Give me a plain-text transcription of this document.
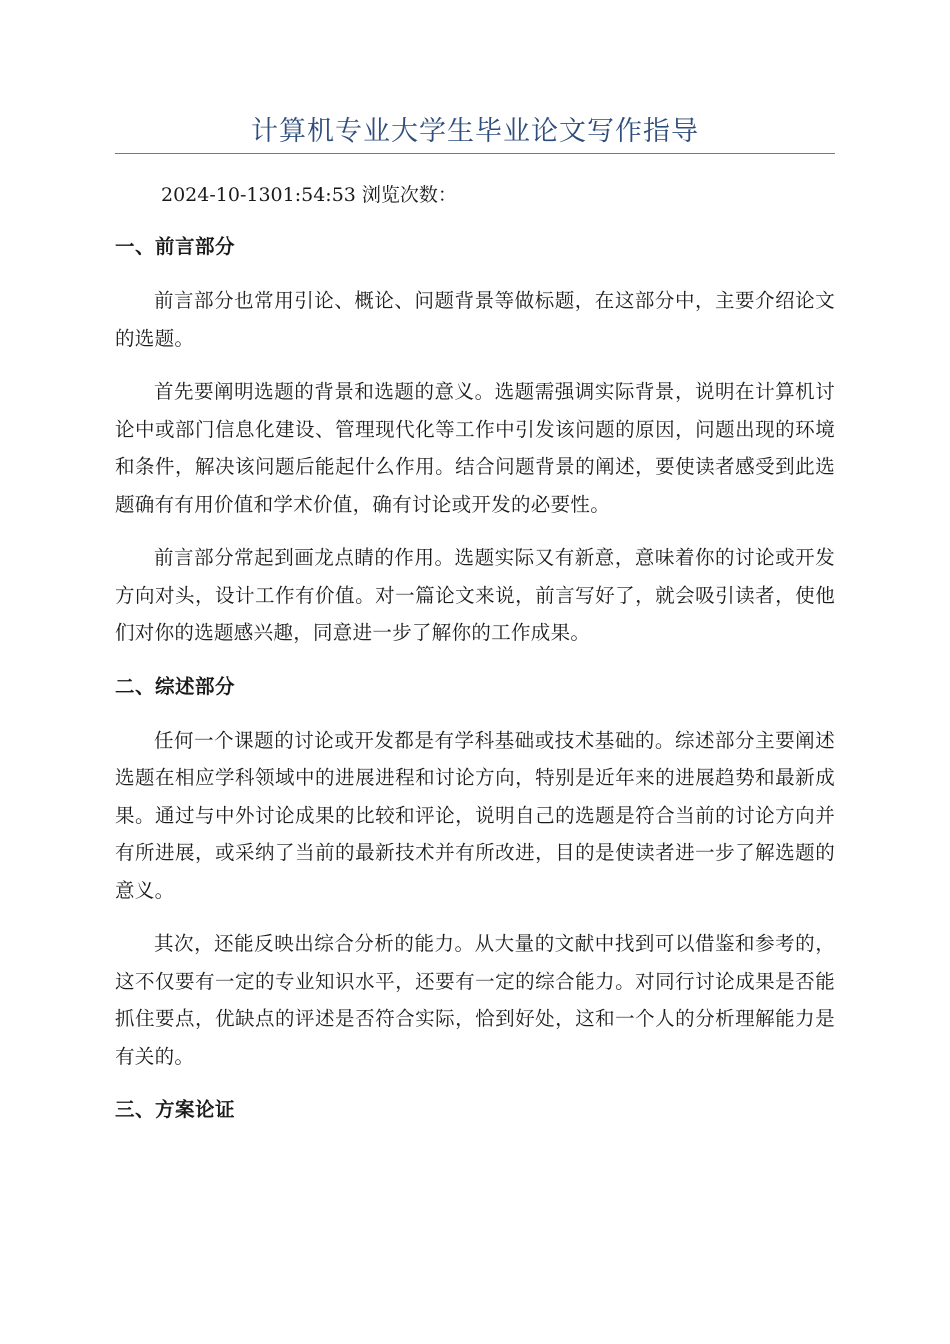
计算机专业大学生毕业论文写作指导
2024-10-1301:54:53 浏览次数：
一、前言部分

前言部分也常用引论、概论、问题背景等做标题，在这部分中，主要介绍论文的选题。

首先要阐明选题的背景和选题的意义。选题需强调实际背景，说明在计算机讨论中或部门信息化建设、管理现代化等工作中引发该问题的原因，问题出现的环境和条件，解决该问题后能起什么作用。结合问题背景的阐述，要使读者感受到此选题确有有用价值和学术价值，确有讨论或开发的必要性。

前言部分常起到画龙点睛的作用。选题实际又有新意，意味着你的讨论或开发方向对头，设计工作有价值。对一篇论文来说，前言写好了，就会吸引读者，使他们对你的选题感兴趣，同意进一步了解你的工作成果。

二、综述部分

任何一个课题的讨论或开发都是有学科基础或技术基础的。综述部分主要阐述选题在相应学科领域中的进展进程和讨论方向，特别是近年来的进展趋势和最新成果。通过与中外讨论成果的比较和评论，说明自己的选题是符合当前的讨论方向并有所进展，或采纳了当前的最新技术并有所改进，目的是使读者进一步了解选题的意义。

其次，还能反映出综合分析的能力。从大量的文献中找到可以借鉴和参考的，这不仅要有一定的专业知识水平，还要有一定的综合能力。对同行讨论成果是否能抓住要点，优缺点的评述是否符合实际，恰到好处，这和一个人的分析理解能力是有关的。

三、方案论证
